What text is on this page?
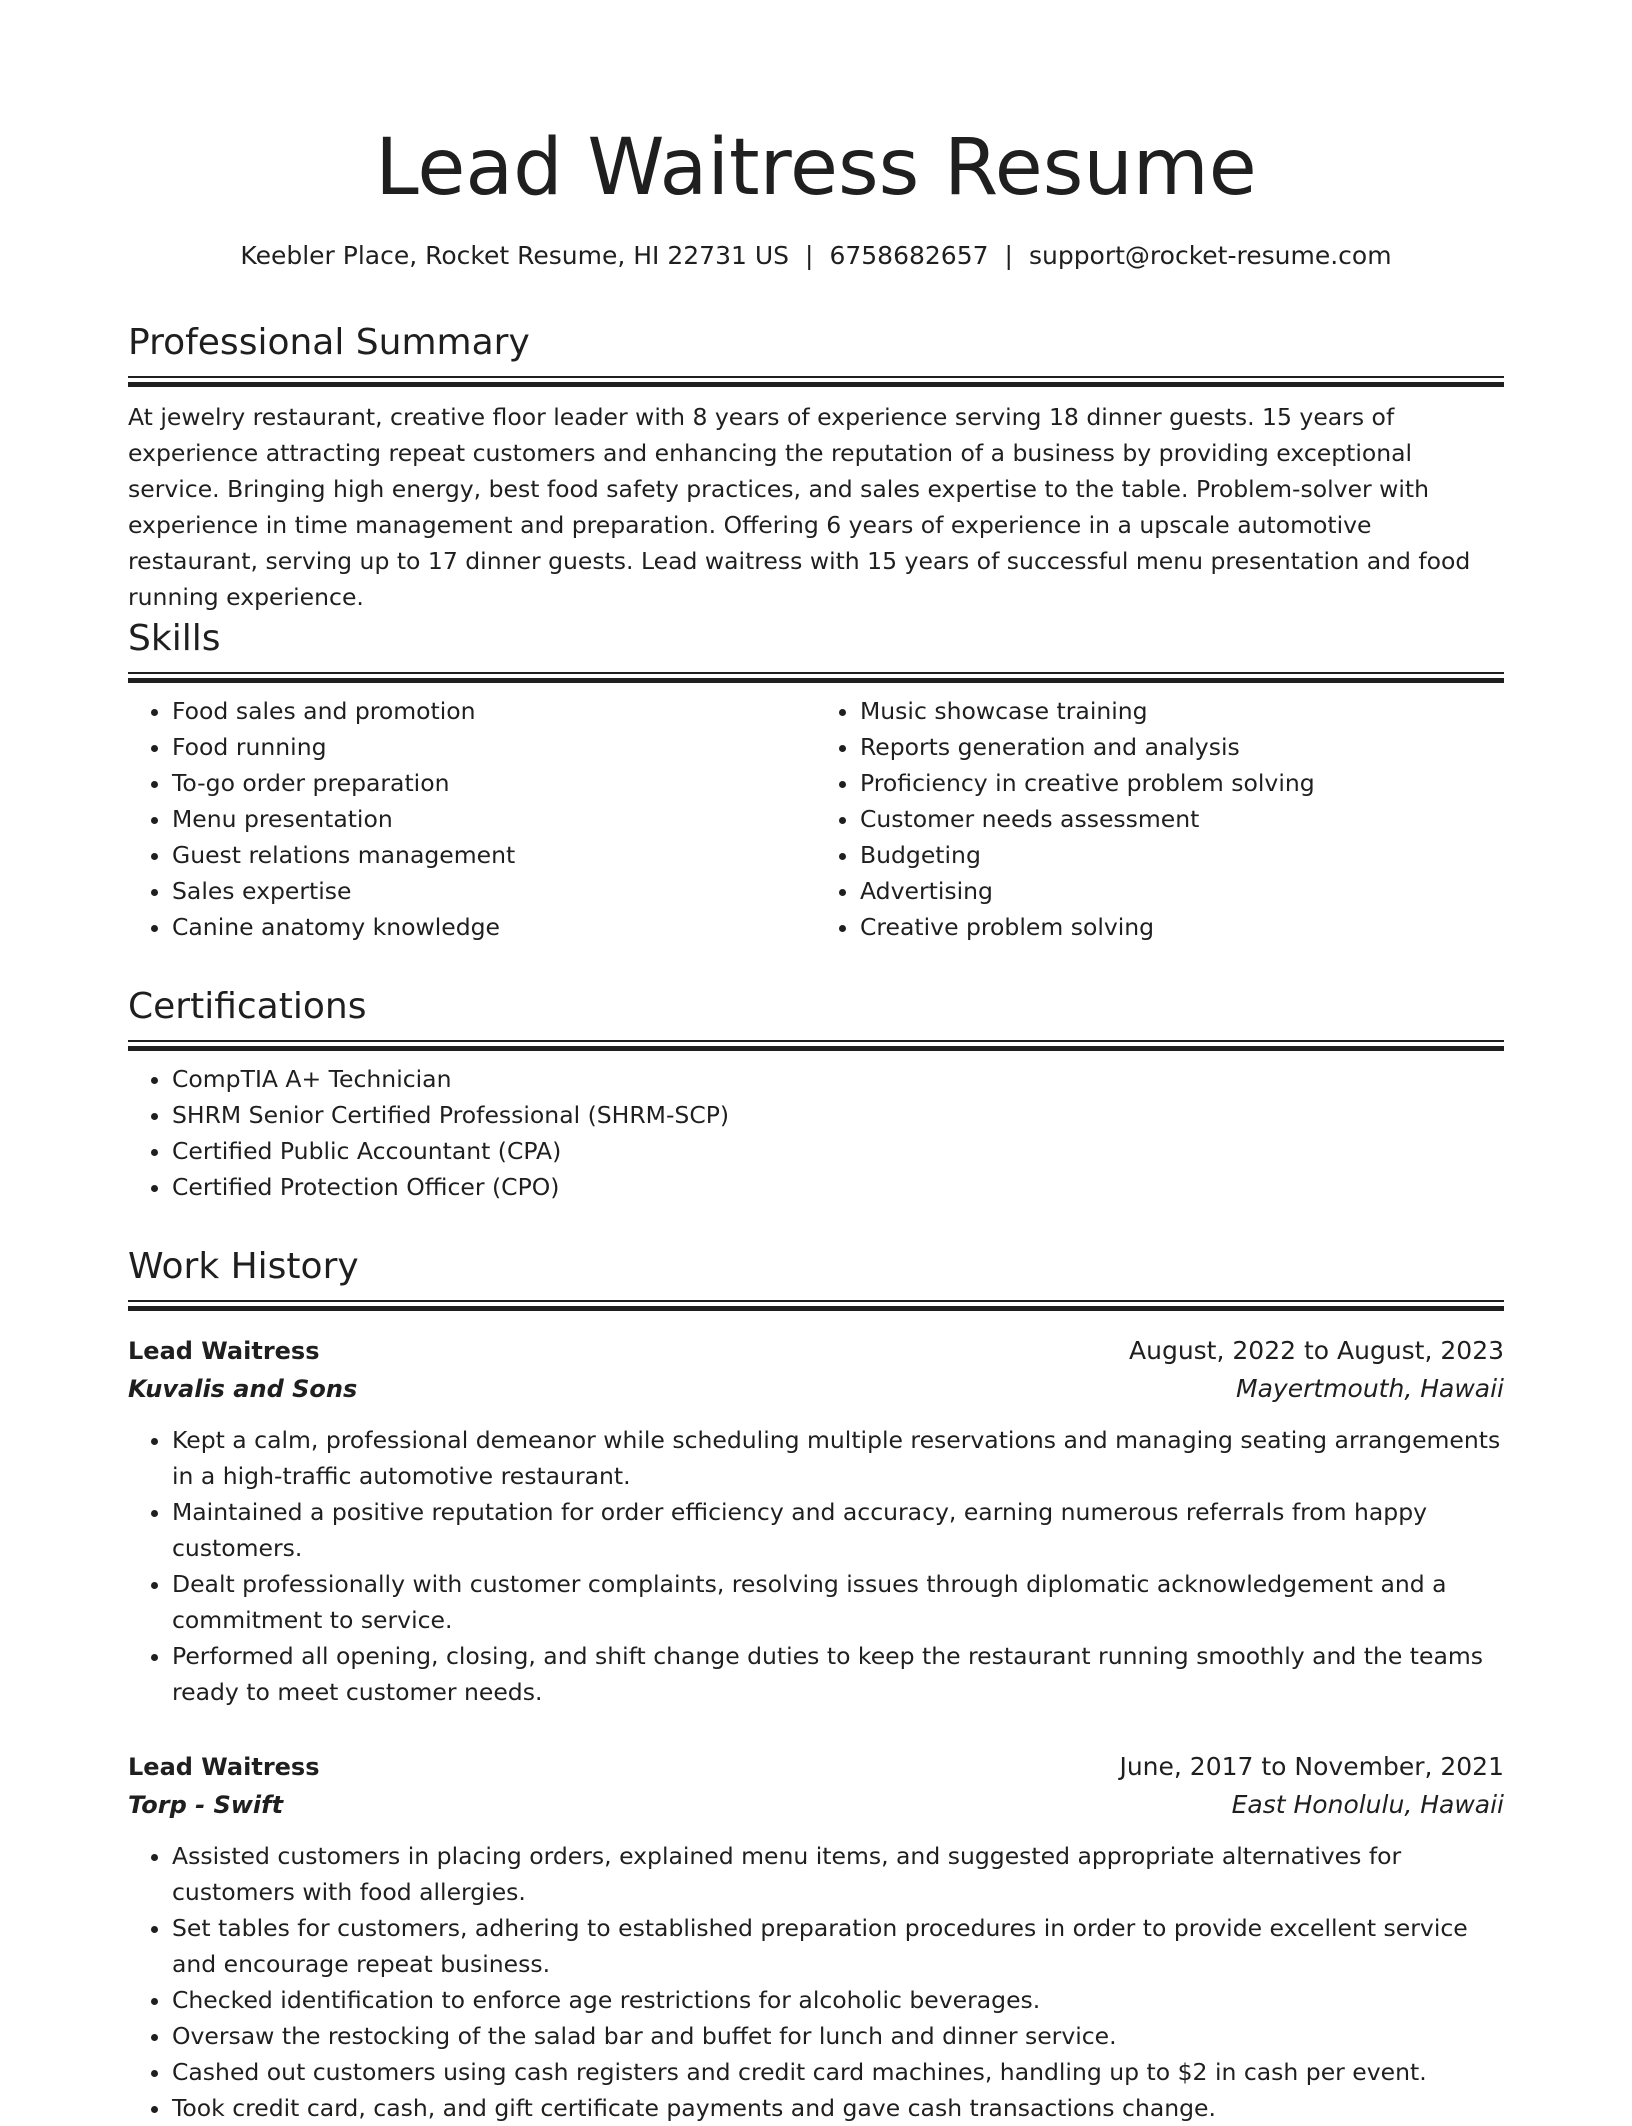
Lead Waitress Resume
Keebler Place, Rocket Resume, HI 22731 US | 6758682657 | support@rocket-resume.com
Professional Summary
At jewelry restaurant, creative floor leader with 8 years of experience serving 18 dinner guests. 15 years of experience attracting repeat customers and enhancing the reputation of a business by providing exceptional service. Bringing high energy, best food safety practices, and sales expertise to the table. Problem-solver with experience in time management and preparation. Offering 6 years of experience in a upscale automotive restaurant, serving up to 17 dinner guests. Lead waitress with 15 years of successful menu presentation and food running experience.
Skills
• Food sales and promotion
• Food running
• To-go order preparation
• Menu presentation
• Guest relations management
• Sales expertise
• Canine anatomy knowledge
• Music showcase training
• Reports generation and analysis
• Proficiency in creative problem solving
• Customer needs assessment
• Budgeting
• Advertising
• Creative problem solving
Certifications
• CompTIA A+ Technician
• SHRM Senior Certified Professional (SHRM-SCP)
• Certified Public Accountant (CPA)
• Certified Protection Officer (CPO)
Work History
Lead Waitress	August, 2022 to August, 2023
Kuvalis and Sons	Mayertmouth, Hawaii
• Kept a calm, professional demeanor while scheduling multiple reservations and managing seating arrangements in a high-traffic automotive restaurant.
• Maintained a positive reputation for order efficiency and accuracy, earning numerous referrals from happy customers.
• Dealt professionally with customer complaints, resolving issues through diplomatic acknowledgement and a commitment to service.
• Performed all opening, closing, and shift change duties to keep the restaurant running smoothly and the teams ready to meet customer needs.
Lead Waitress	June, 2017 to November, 2021
Torp - Swift	East Honolulu, Hawaii
• Assisted customers in placing orders, explained menu items, and suggested appropriate alternatives for customers with food allergies.
• Set tables for customers, adhering to established preparation procedures in order to provide excellent service and encourage repeat business.
• Checked identification to enforce age restrictions for alcoholic beverages.
• Oversaw the restocking of the salad bar and buffet for lunch and dinner service.
• Cashed out customers using cash registers and credit card machines, handling up to $2 in cash per event.
• Took credit card, cash, and gift certificate payments and gave cash transactions change.
